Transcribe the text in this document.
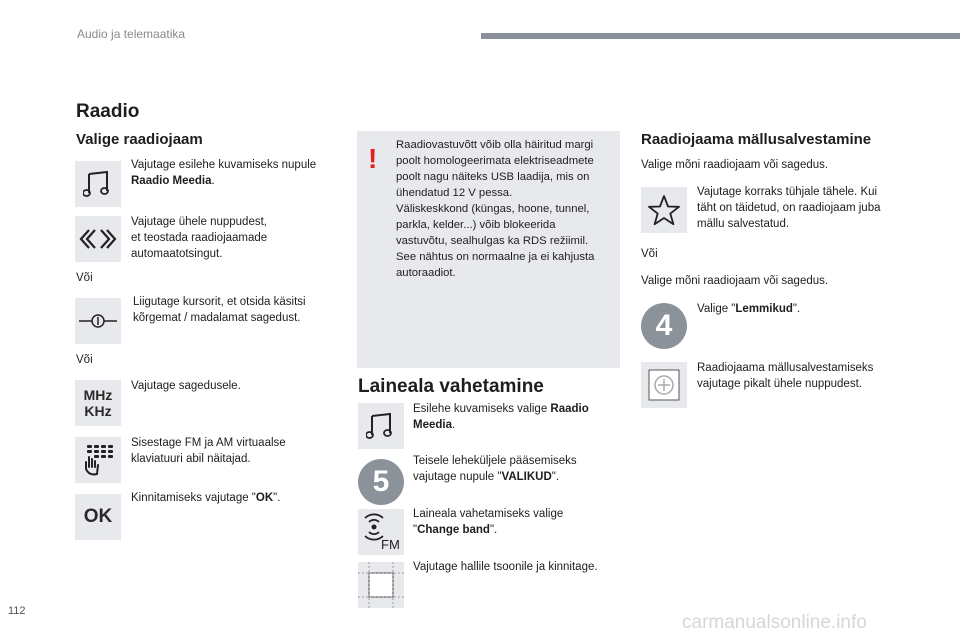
Audio ja telemaatika
Raadio
Valige raadiojaam
Vajutage esilehe kuvamiseks nupule Raadio Meedia.
Vajutage ühele nuppudest,
et teostada raadiojaamade
automaatotsingut.
Või
Liigutage kursorit, et otsida käsitsi
kõrgemat / madalamat sagedust.
Või
MHz
KHz
Vajutage sagedusele.
Sisestage FM ja AM virtuaalse
klaviatuuri abil näitajad.
OK
Kinnitamiseks vajutage "OK".
!	Raadiovastuvõtt võib olla häiritud margi
poolt homologeerimata elektriseadmete
poolt nagu näiteks USB laadija, mis on
ühendatud 12 V pessa.
Väliskeskkond (küngas, hoone, tunnel,
parkla, kelder...) võib blokeerida
vastuvõtu, sealhulgas ka RDS režiimil.
See nähtus on normaalne ja ei kahjusta
autoraadiot.
Laineala vahetamine
Esilehe kuvamiseks valige Raadio
Meedia.
5
Teisele leheküljele pääsemiseks
vajutage nupule "VALIKUD".
FM
Laineala vahetamiseks valige
"Change band".
Vajutage hallile tsoonile ja kinnitage.
Raadiojaama mällusalvestamine
Valige mõni raadiojaam või sagedus.
Vajutage korraks tühjale tähele. Kui
täht on täidetud, on raadiojaam juba
mällu salvestatud.
Või
Valige mõni raadiojaam või sagedus.
4	Valige "Lemmikud".
Raadiojaama mällusalvestamiseks
vajutage pikalt ühele nuppudest.
112
carmanualsonline.info
